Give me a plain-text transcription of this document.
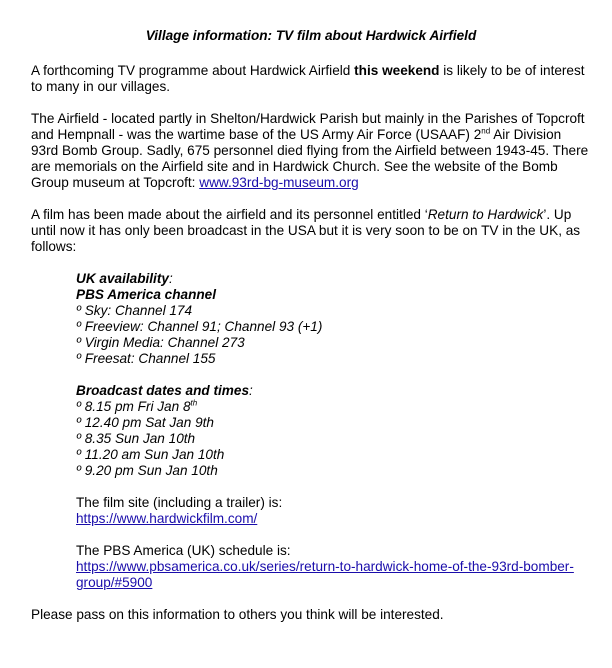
Village information: TV film about Hardwick Airfield

A forthcoming TV programme about Hardwick Airfield this weekend is likely to be of interest to many in our villages.

The Airfield - located partly in Shelton/Hardwick Parish but mainly in the Parishes of Topcroft and Hempnall - was the wartime base of the US Army Air Force (USAAF) 2nd Air Division 93rd Bomb Group. Sadly, 675 personnel died flying from the Airfield between 1943-45. There are memorials on the Airfield site and in Hardwick Church. See the website of the Bomb Group museum at Topcroft: www.93rd-bg-museum.org

A film has been made about the airfield and its personnel entitled ‘Return to Hardwick’. Up until now it has only been broadcast in the USA but it is very soon to be on TV in the UK, as follows:

UK availability:
PBS America channel
º Sky: Channel 174
º Freeview: Channel 91; Channel 93 (+1)
º Virgin Media: Channel 273
º Freesat: Channel 155
Broadcast dates and times:
º 8.15 pm Fri Jan 8th
º 12.40 pm Sat Jan 9th
º 8.35 Sun Jan 10th
º 11.20 am Sun Jan 10th
º 9.20 pm Sun Jan 10th
The film site (including a trailer) is:
https://www.hardwickfilm.com/
The PBS America (UK) schedule is:
https://www.pbsamerica.co.uk/series/return-to-hardwick-home-of-the-93rd-bomber-
group/#5900

Please pass on this information to others you think will be interested.
